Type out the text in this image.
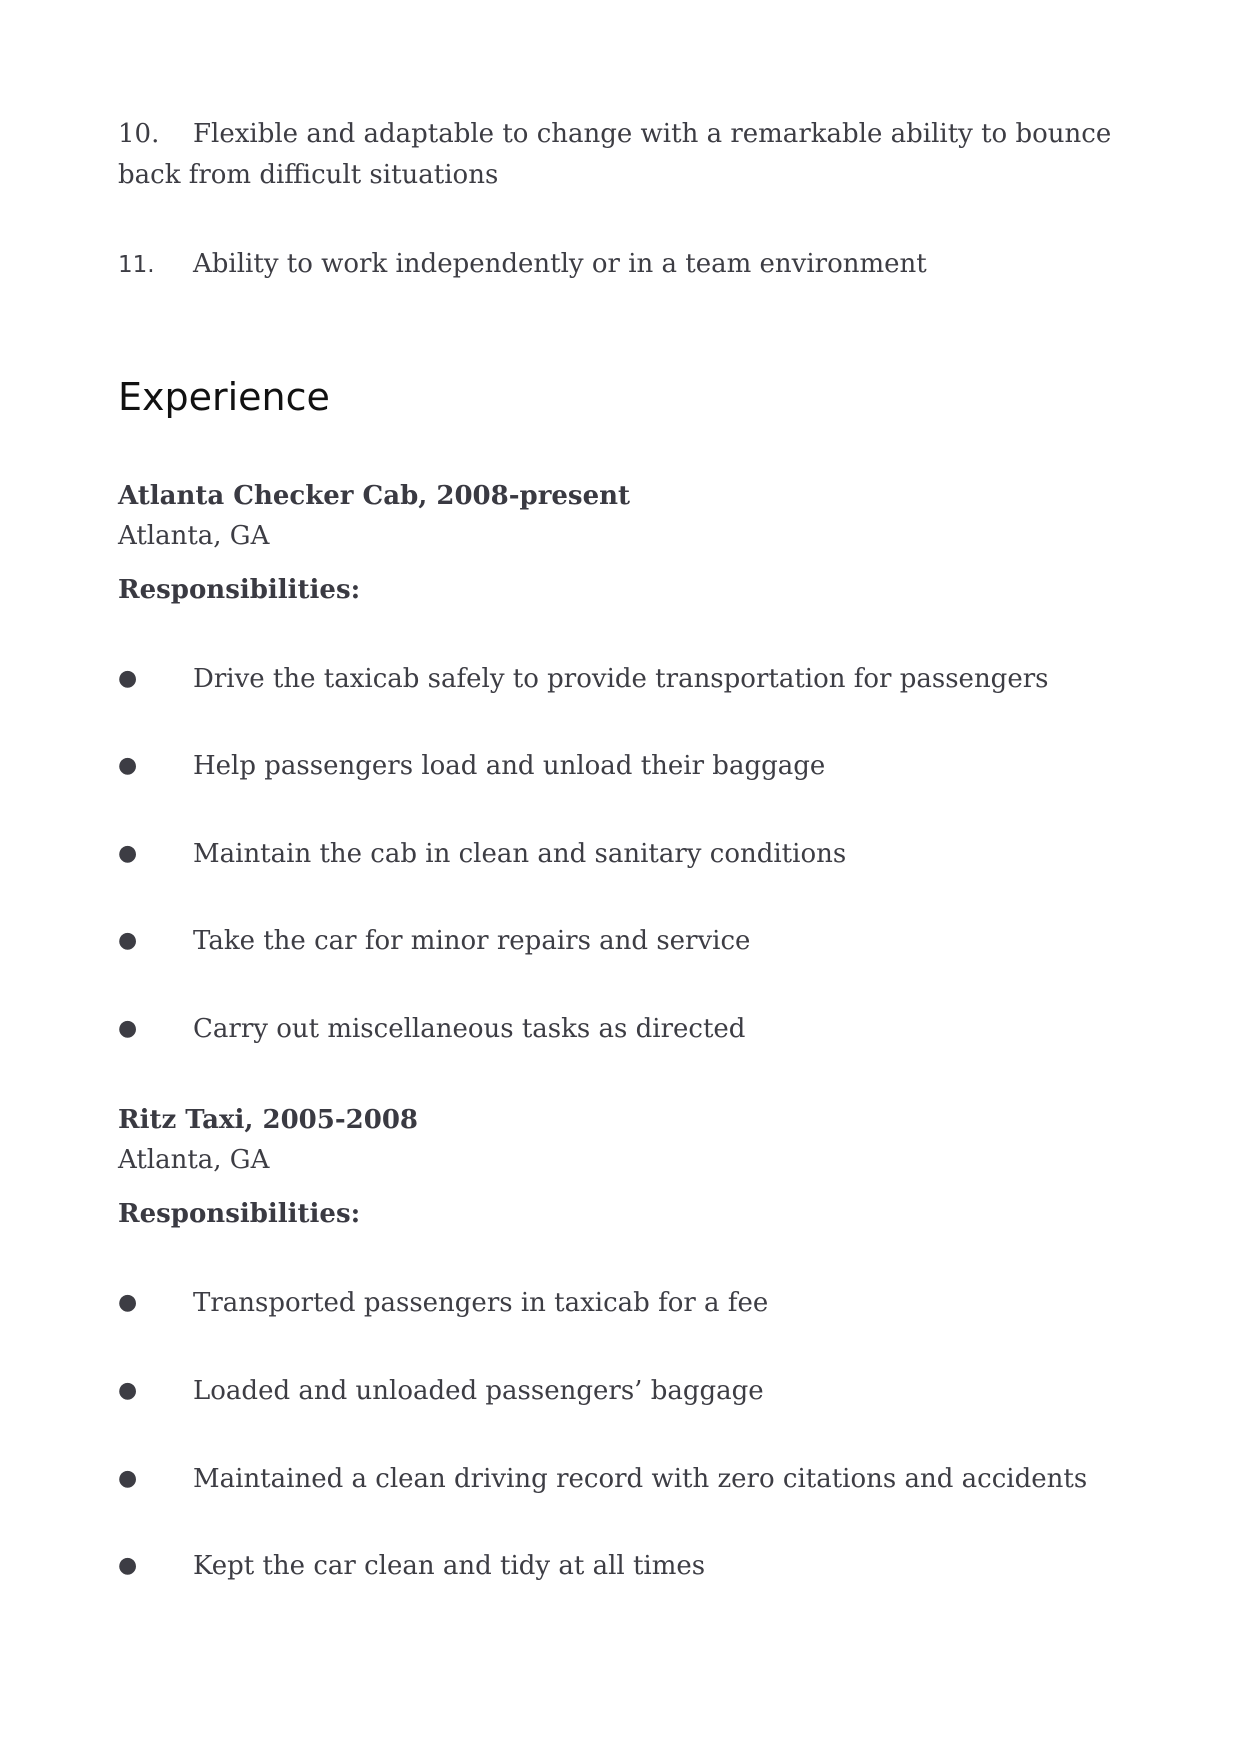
10.	Flexible and adaptable to change with a remarkable ability to bounce back from difficult situations
11. Ability to work independently or in a team environment
Experience
Atlanta Checker Cab, 2008-present
Atlanta, GA
Responsibilities:
● Drive the taxicab safely to provide transportation for passengers
● Help passengers load and unload their baggage
● Maintain the cab in clean and sanitary conditions
● Take the car for minor repairs and service
● Carry out miscellaneous tasks as directed
Ritz Taxi, 2005-2008
Atlanta, GA
Responsibilities:
● Transported passengers in taxicab for a fee
● Loaded and unloaded passengers’ baggage
● Maintained a clean driving record with zero citations and accidents
● Kept the car clean and tidy at all times
